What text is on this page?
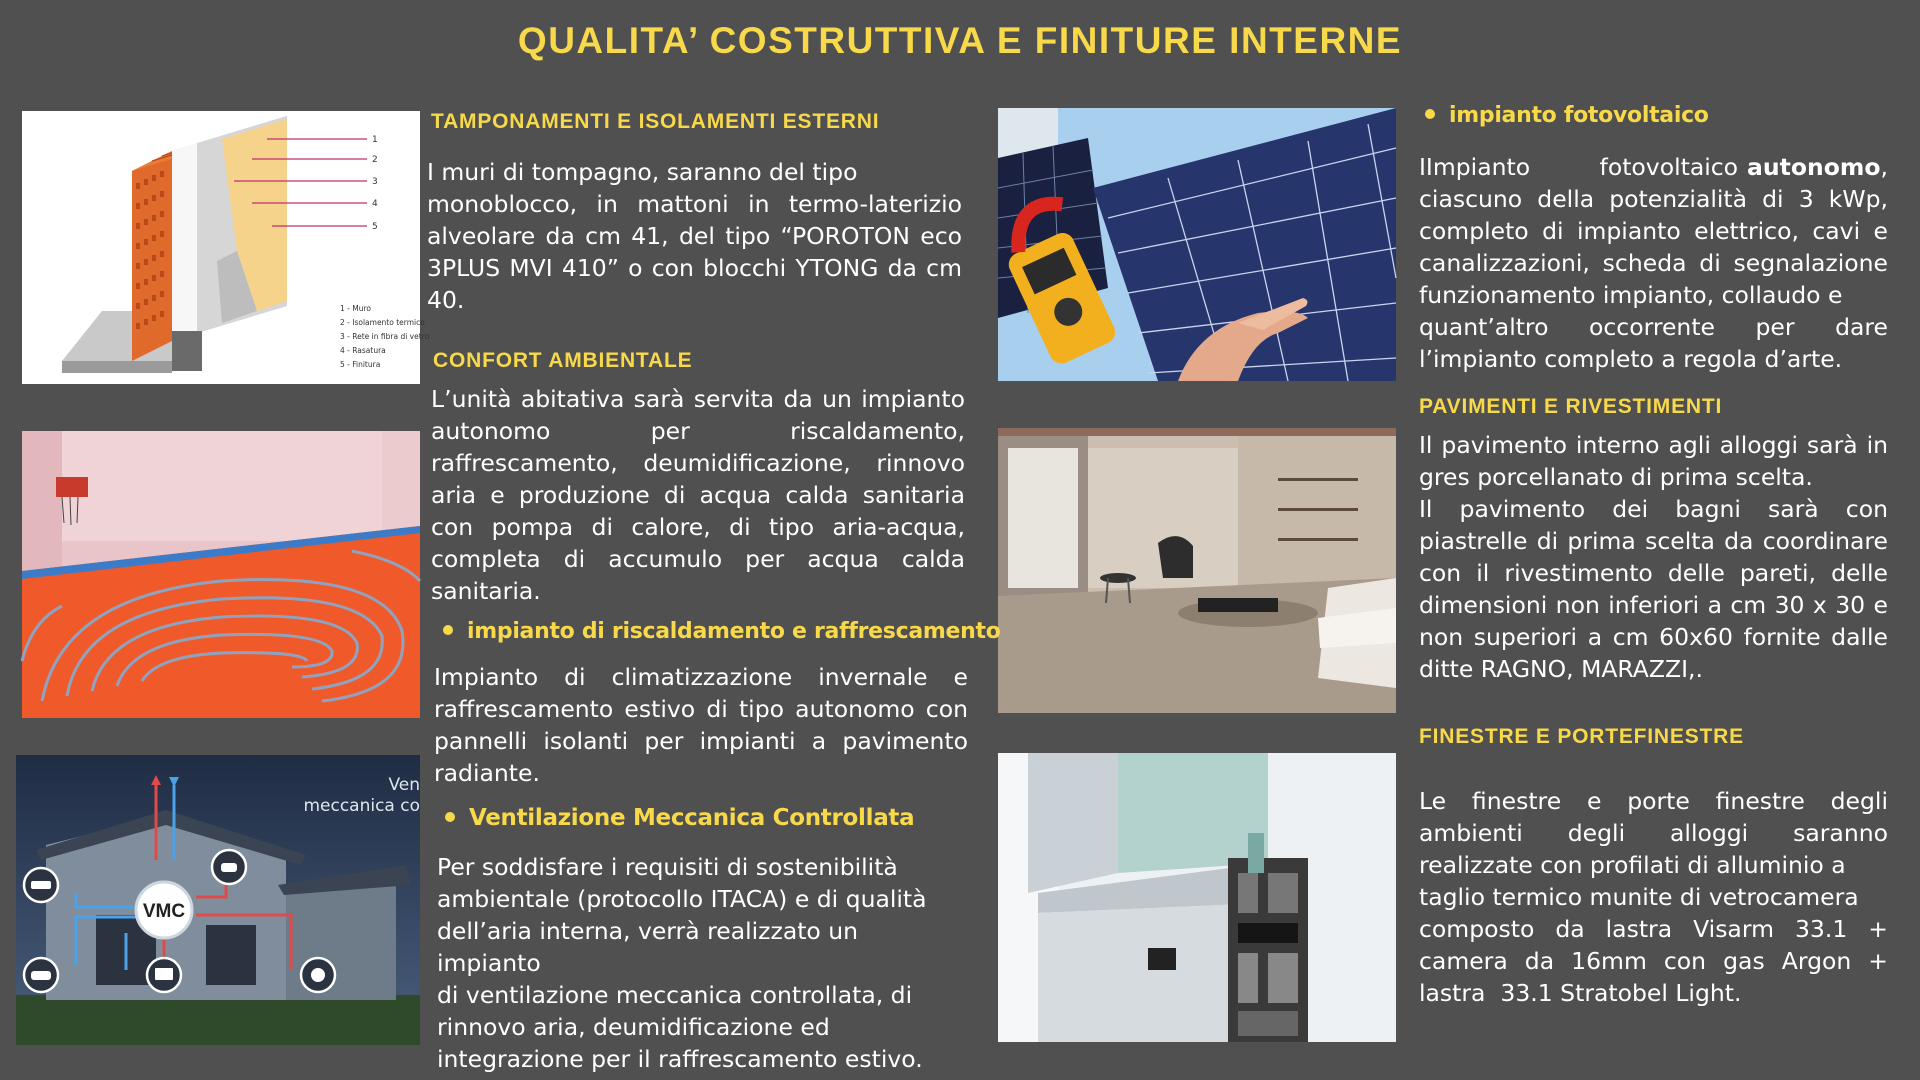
QUALITA’ COSTRUTTIVA E FINITURE INTERNE
1
2
3
4
5
1 - Muro
2 - Isolamento termico
3 - Rete in fibra di vetro
4 - Rasatura
5 - Finitura
VMC
Ven
meccanica co
TAMPONAMENTI E ISOLAMENTI ESTERNI
I muri di tompagno, saranno del tipo
monoblocco, in mattoni in termo-laterizio
alveolare da cm 41, del tipo “POROTON eco
3PLUS MVI 410” o con blocchi YTONG da cm
40.
CONFORT AMBIENTALE
L’unità abitativa sarà servita da un impianto
autonomo per riscaldamento,
raffrescamento, deumidificazione, rinnovo
aria e produzione di acqua calda sanitaria
con pompa di calore, di tipo aria-acqua,
completa di accumulo per acqua calda
sanitaria.
impianto di riscaldamento e raffrescamento
Impianto di climatizzazione invernale e
raffrescamento estivo di tipo autonomo con
pannelli isolanti per impianti a pavimento
radiante.
Ventilazione Meccanica Controllata
Per soddisfare i requisiti di sostenibilità
ambientale (protocollo ITACA) e di qualità
dell’aria interna, verrà realizzato un impianto
di ventilazione meccanica controllata, di
rinnovo aria, deumidificazione ed
integrazione per il raffrescamento estivo.
impianto fotovoltaico
IImpianto fotovoltaico autonomo,
ciascuno della potenzialità di 3 kWp,
completo di impianto elettrico, cavi e
canalizzazioni, scheda di segnalazione
funzionamento impianto, collaudo e
quant’altro occorrente per dare
l’impianto completo a regola d’arte.
PAVIMENTI E RIVESTIMENTI
Il pavimento interno agli alloggi sarà in
gres porcellanato di prima scelta.
Il pavimento dei bagni sarà con
piastrelle di prima scelta da coordinare
con il rivestimento delle pareti, delle
dimensioni non inferiori a cm 30 x 30 e
non superiori a cm 60x60 fornite dalle
ditte RAGNO, MARAZZI,.
FINESTRE E PORTEFINESTRE
Le finestre e porte finestre degli
ambienti degli alloggi saranno
realizzate con profilati di alluminio a
taglio termico munite di vetrocamera
composto da lastra Visarm 33.1 +
camera da 16mm con gas Argon +
lastra  33.1 Stratobel Light.
